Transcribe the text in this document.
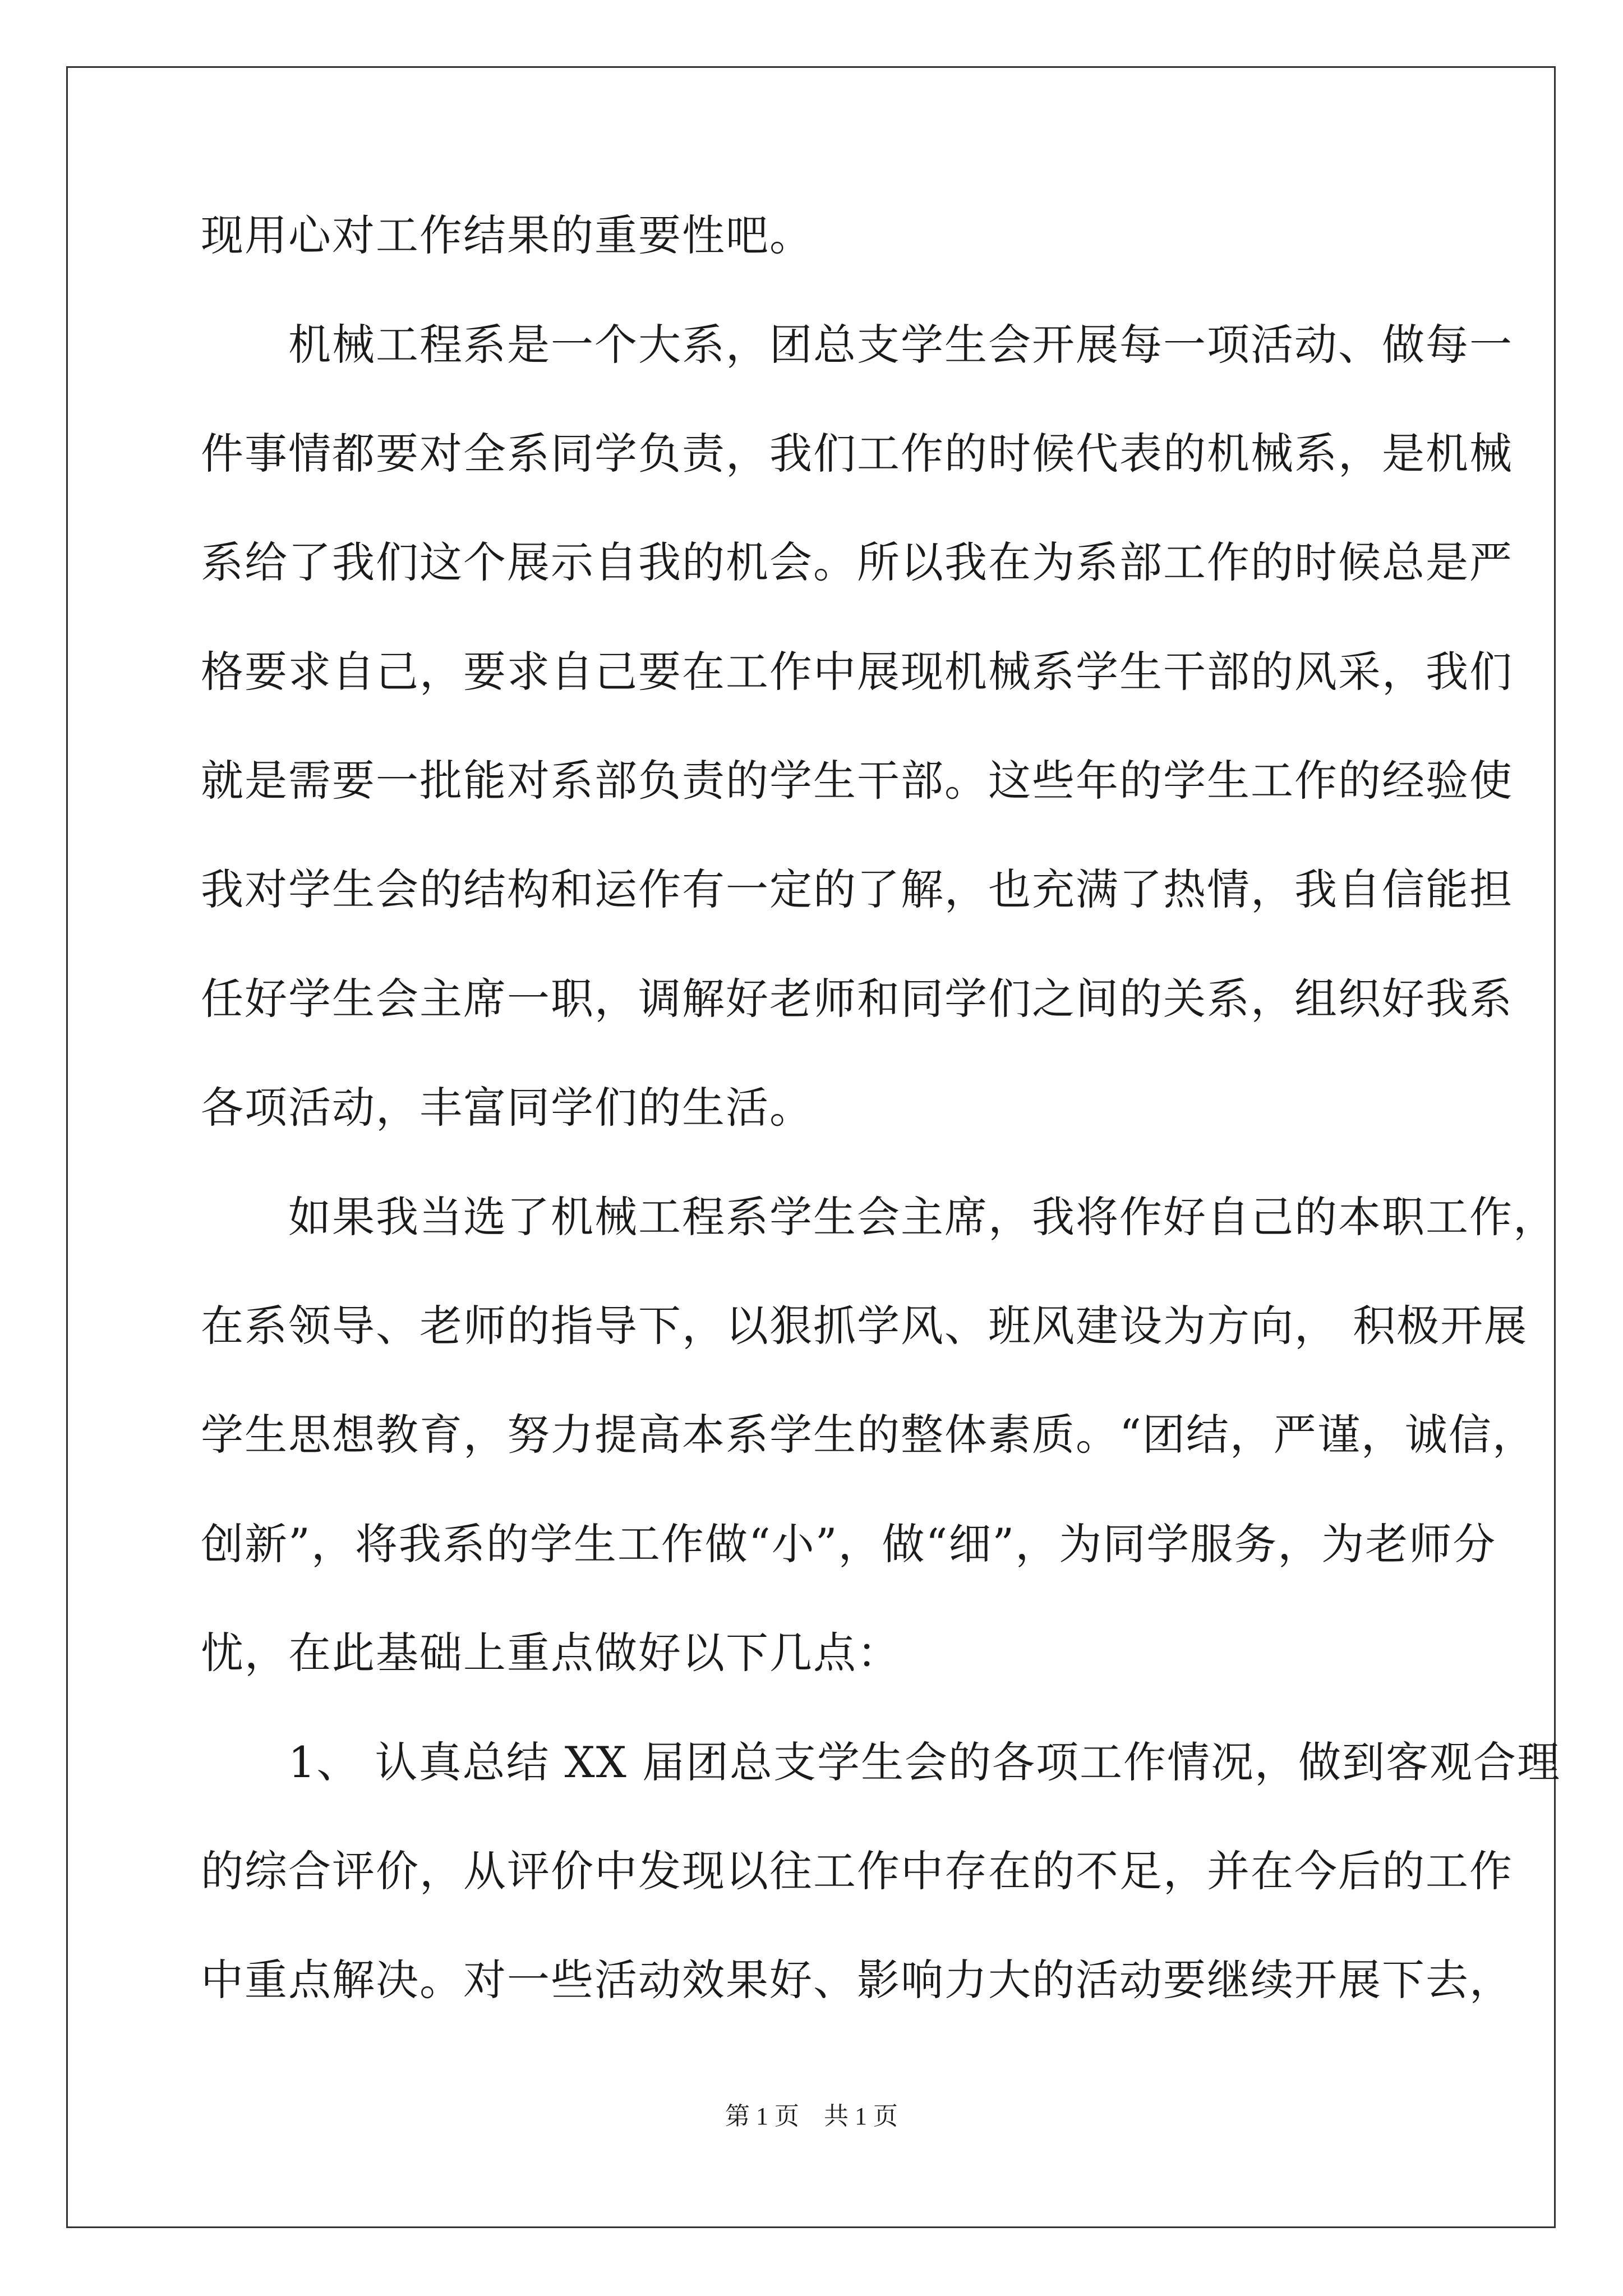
现用心对工作结果的重要性吧。
　　机械工程系是一个大系，团总支学生会开展每一项活动、做每一
件事情都要对全系同学负责，我们工作的时候代表的机械系，是机械
系给了我们这个展示自我的机会。所以我在为系部工作的时候总是严
格要求自己，要求自己要在工作中展现机械系学生干部的风采，我们
就是需要一批能对系部负责的学生干部。这些年的学生工作的经验使
我对学生会的结构和运作有一定的了解，也充满了热情，我自信能担
任好学生会主席一职，调解好老师和同学们之间的关系，组织好我系
各项活动，丰富同学们的生活。
　　如果我当选了机械工程系学生会主席，我将作好自己的本职工作，
在系领导、老师的指导下，以狠抓学风、班风建设为方向， 积极开展
学生思想教育，努力提高本系学生的整体素质。“团结，严谨，诚信，
创新”，将我系的学生工作做“小”，做“细”，为同学服务，为老师分
忧，在此基础上重点做好以下几点：
　　1、 认真总结 XX 届团总支学生会的各项工作情况，做到客观合理
的综合评价，从评价中发现以往工作中存在的不足，并在今后的工作
中重点解决。对一些活动效果好、影响力大的活动要继续开展下去，
第 1 页　共 1 页
